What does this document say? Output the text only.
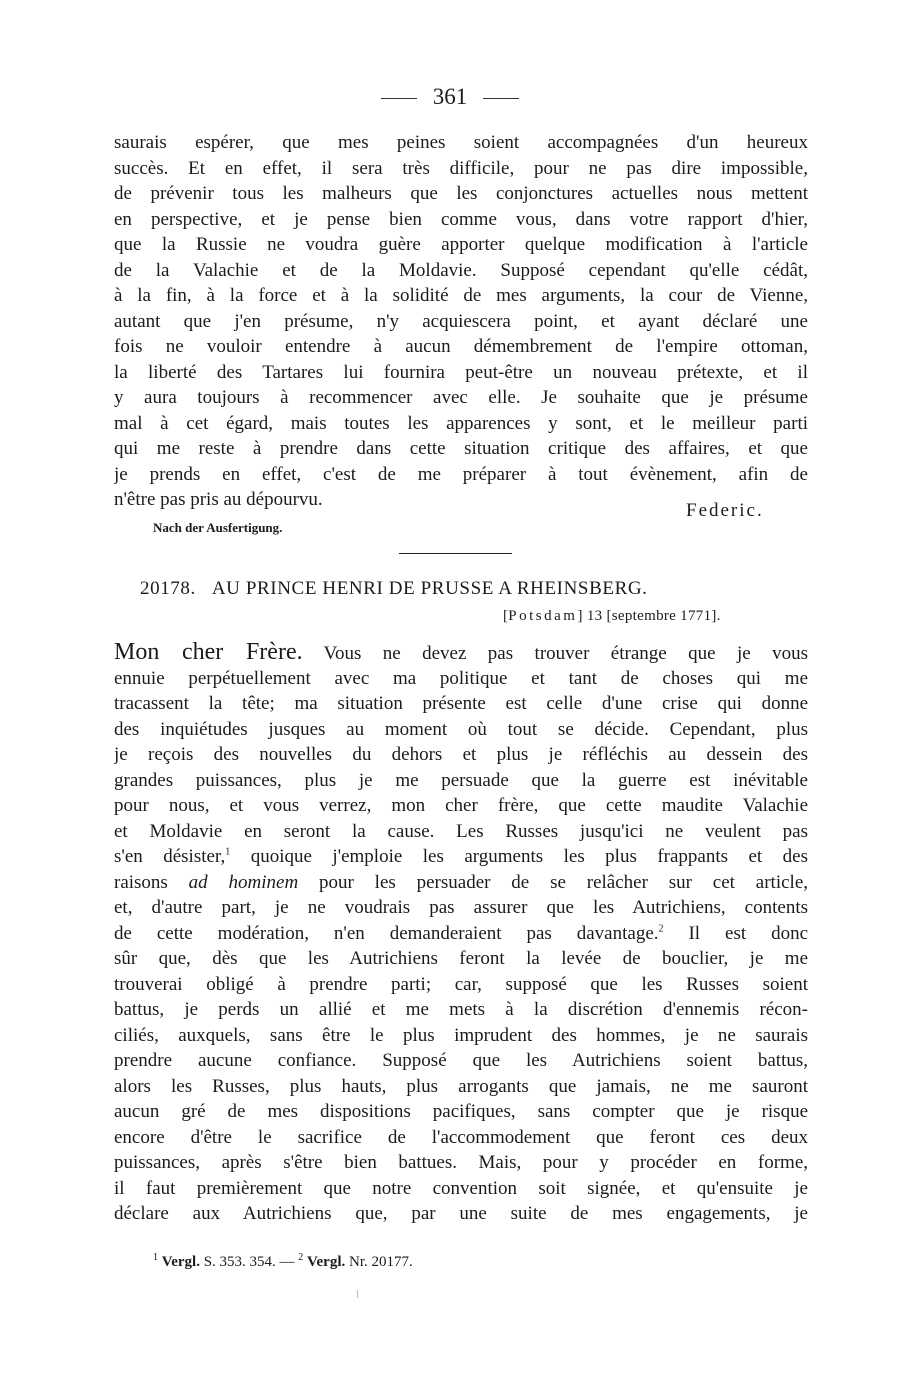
361
saurais espérer, que mes peines soient accompagnées d'un heureux
succès. Et en effet, il sera très difficile, pour ne pas dire impossible,
de prévenir tous les malheurs que les conjonctures actuelles nous mettent
en perspective, et je pense bien comme vous, dans votre rapport d'hier,
que la Russie ne voudra guère apporter quelque modification à l'article
de la Valachie et de la Moldavie. Supposé cependant qu'elle cédât,
à la fin, à la force et à la solidité de mes arguments, la cour de Vienne,
autant que j'en présume, n'y acquiescera point, et ayant déclaré une
fois ne vouloir entendre à aucun démembrement de l'empire ottoman,
la liberté des Tartares lui fournira peut-être un nouveau prétexte, et il
y aura toujours à recommencer avec elle. Je souhaite que je présume
mal à cet égard, mais toutes les apparences y sont, et le meilleur parti
qui me reste à prendre dans cette situation critique des affaires, et que
je prends en effet, c'est de me préparer à tout évènement, afin de
n'être pas pris au dépourvu.
Federic.
Nach der Ausfertigung.
20178. AU PRINCE HENRI DE PRUSSE A RHEINSBERG.
[Potsdam] 13 [septembre 1771].
Mon cher Frère. Vous ne devez pas trouver étrange que je vous
ennuie perpétuellement avec ma politique et tant de choses qui me
tracassent la tête; ma situation présente est celle d'une crise qui donne
des inquiétudes jusques au moment où tout se décide. Cependant, plus
je reçois des nouvelles du dehors et plus je réfléchis au dessein des
grandes puissances, plus je me persuade que la guerre est inévitable
pour nous, et vous verrez, mon cher frère, que cette maudite Valachie
et Moldavie en seront la cause. Les Russes jusqu'ici ne veulent pas
s'en désister,$^1$ quoique j'emploie les arguments les plus frappants et des
raisons ad hominem pour les persuader de se relâcher sur cet article,
et, d'autre part, je ne voudrais pas assurer que les Autrichiens, contents
de cette modération, n'en demanderaient pas davantage.$^2$ Il est donc
sûr que, dès que les Autrichiens feront la levée de bouclier, je me
trouverai obligé à prendre parti; car, supposé que les Russes soient
battus, je perds un allié et me mets à la discrétion d'ennemis récon-
ciliés, auxquels, sans être le plus imprudent des hommes, je ne saurais
prendre aucune confiance. Supposé que les Autrichiens soient battus,
alors les Russes, plus hauts, plus arrogants que jamais, ne me sauront
aucun gré de mes dispositions pacifiques, sans compter que je risque
encore d'être le sacrifice de l'accommodement que feront ces deux
puissances, après s'être bien battues. Mais, pour y procéder en forme,
il faut premièrement que notre convention soit signée, et qu'ensuite je
déclare aux Autrichiens que, par une suite de mes engagements, je
$^1$ Vergl. S. 353. 354. — $^2$ Vergl. Nr. 20177.
